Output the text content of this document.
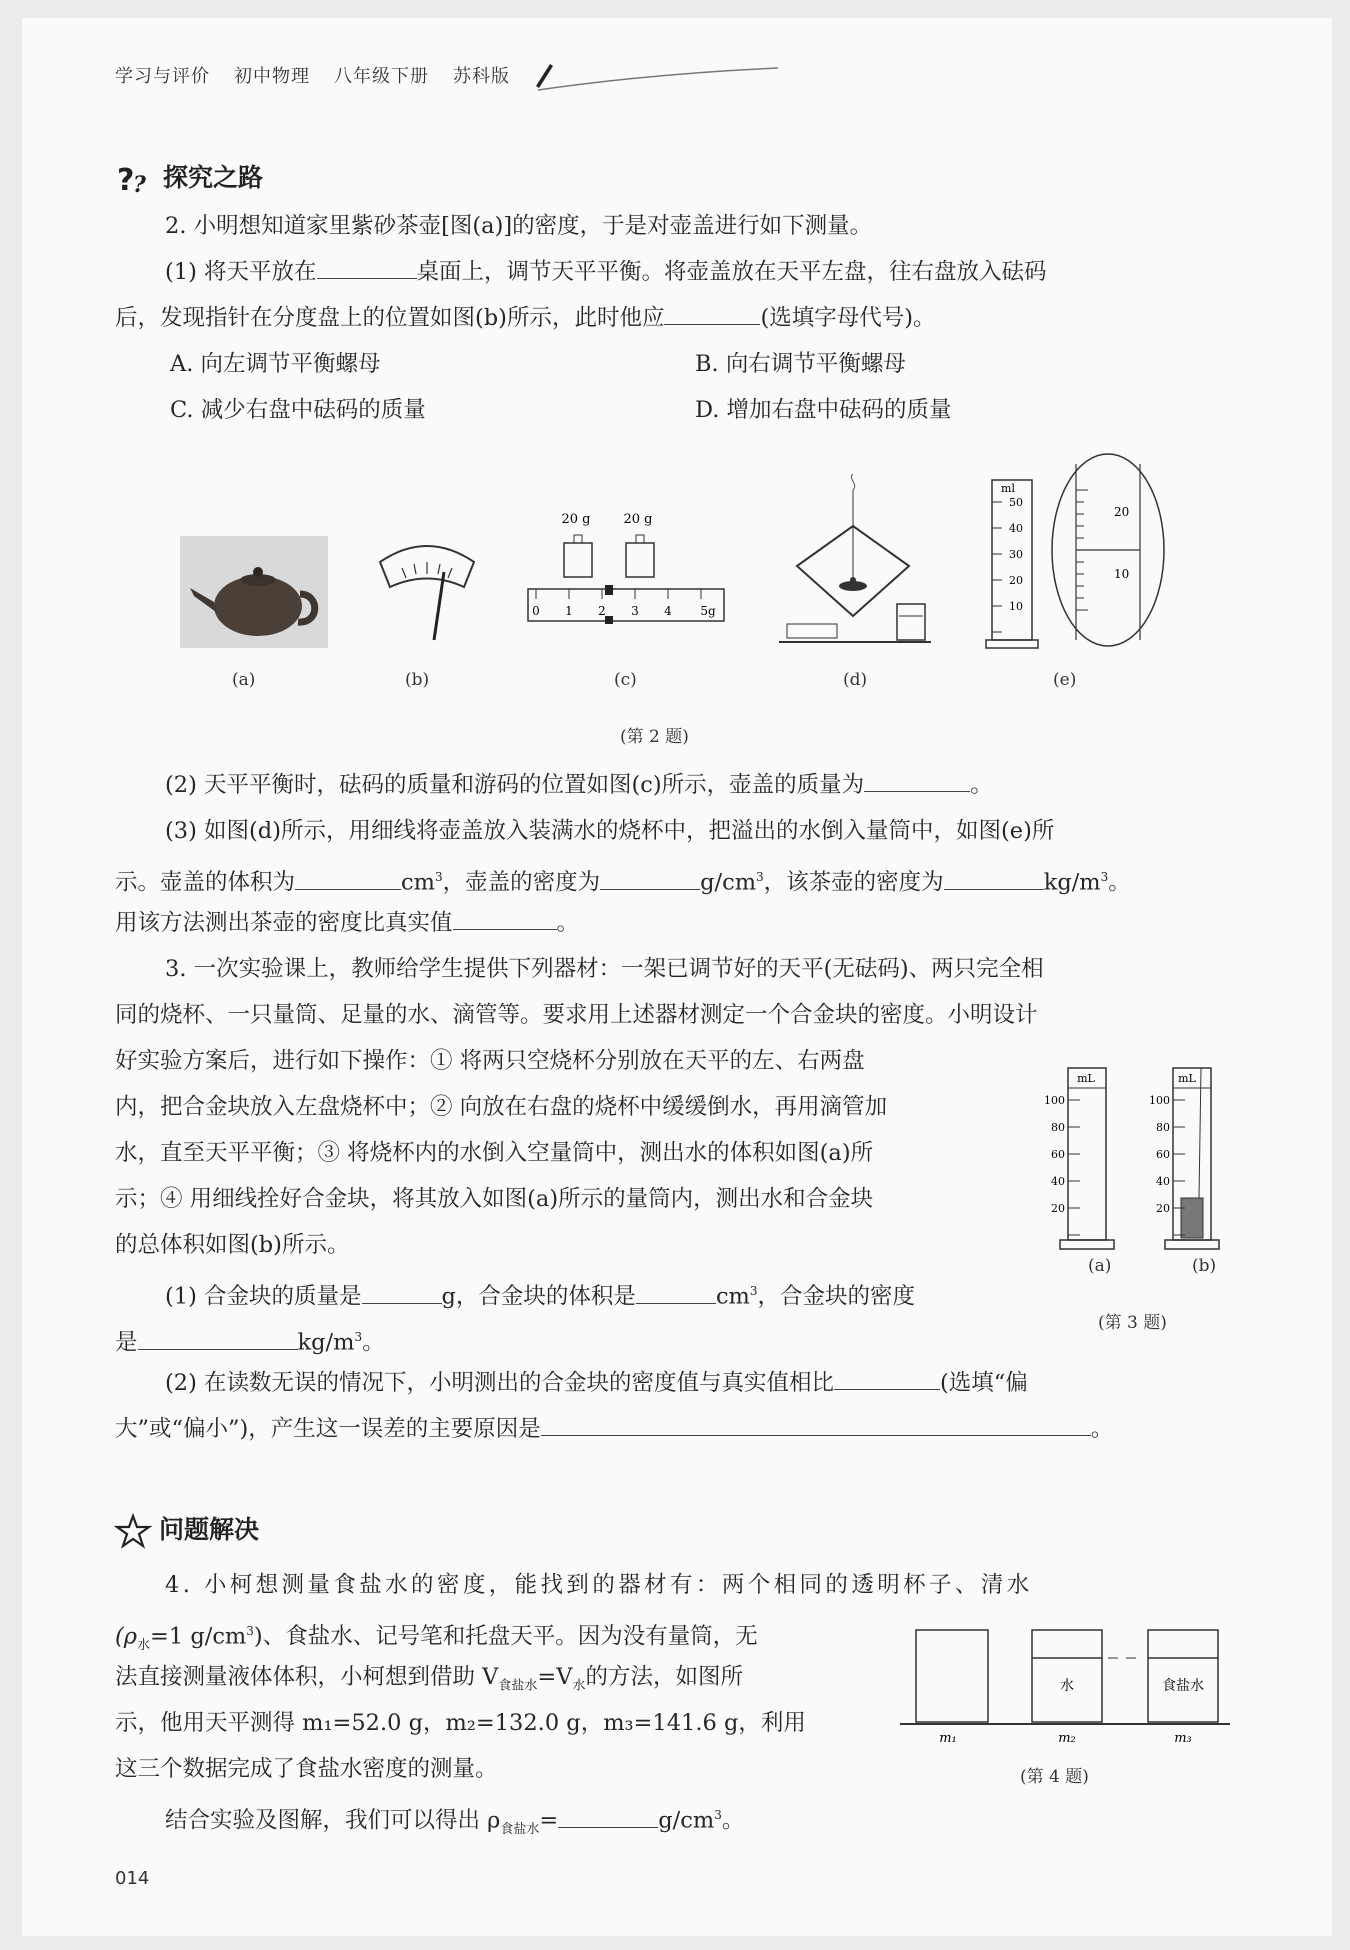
学习与评价 初中物理 八年级下册 苏科版
?
? 探究之路
2. 小明想知道家里紫砂茶壶[图(a)]的密度，于是对壶盖进行如下测量。
(1) 将天平放在	桌面上，调节天平平衡。将壶盖放在天平左盘，往右盘放入砝码
后，发现指针在分度盘上的位置如图(b)所示，此时他应	(选填字母代号)。
A. 向左调节平衡螺母	B. 向右调节平衡螺母
C. 减少右盘中砝码的质量	D. 增加右盘中砝码的质量
20 g	20 g
0 1 2 3 4 5g
ml
50
40
30
20
10
20
10
(a)	(b)	(c)	(d)	(e)
(第 2 题)
(2) 天平平衡时，砝码的质量和游码的位置如图(c)所示，壶盖的质量为	。
(3) 如图(d)所示，用细线将壶盖放入装满水的烧杯中，把溢出的水倒入量筒中，如图(e)所
示。壶盖的体积为	$cm^3$，壶盖的密度为	$g/cm^3$，该茶壶的密度为	$kg/m^3$。
用该方法测出茶壶的密度比真实值	。
3. 一次实验课上，教师给学生提供下列器材：一架已调节好的天平(无砝码)、两只完全相
同的烧杯、一只量筒、足量的水、滴管等。要求用上述器材测定一个合金块的密度。小明设计
好实验方案后，进行如下操作：① 将两只空烧杯分别放在天平的左、右两盘
内，把合金块放入左盘烧杯中；② 向放在右盘的烧杯中缓缓倒水，再用滴管加
水，直至天平平衡；③ 将烧杯内的水倒入空量筒中，测出水的体积如图(a)所
示；④ 用细线拴好合金块，将其放入如图(a)所示的量筒内，测出水和合金块
的总体积如图(b)所示。
(1) 合金块的质量是	g，合金块的体积是	$cm^3$，合金块的密度
是	$kg/m^3$。
(2) 在读数无误的情况下，小明测出的合金块的密度值与真实值相比	(选填“偏
大”或“偏小”)，产生这一误差的主要原因是	。
mL
100
80
60
40
20
mL
100
80
60
40
20
(a)	(b)
(第 3 题)
问题解决
4. 小柯想测量食盐水的密度，能找到的器材有：两个相同的透明杯子、清水
($\rho_水=1$ $g/cm^3$)、食盐水、记号笔和托盘天平。因为没有量筒，无
法直接测量液体体积，小柯想到借助 $V_{食盐水}=V_水$的方法，如图所
示，他用天平测得 m₁=52.0 g，m₂=132.0 g，m₃=141.6 g，利用
这三个数据完成了食盐水密度的测量。
结合实验及图解，我们可以得出 $\rho_{食盐水}=$	$g/cm^3$。
水	食盐水
m₁	m₂	m₃
(第 4 题)
014
